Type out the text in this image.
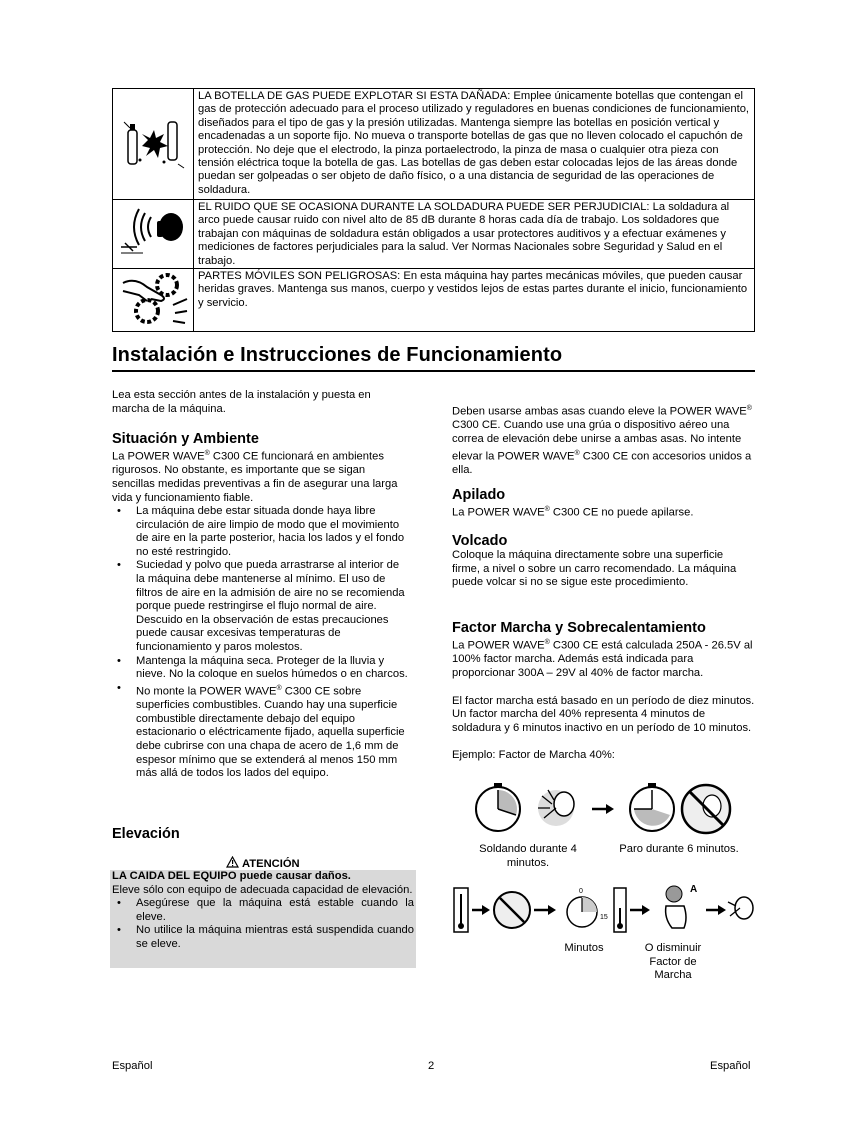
	LA BOTELLA DE GAS PUEDE EXPLOTAR SI ESTA DAÑADA: Emplee únicamente botellas que contengan el gas de protección adecuado para el proceso utilizado y reguladores en buenas condiciones de funcionamiento, diseñados para el tipo de gas y la presión utilizadas. Mantenga siempre las botellas en posición vertical y encadenadas a un soporte fijo. No mueva o transporte botellas de gas que no lleven colocado el capuchón de protección. No deje que el electrodo, la pinza portaelectrodo, la pinza de masa o cualquier otra pieza con tensión eléctrica toque la botella de gas. Las botellas de gas deben estar colocadas lejos de las áreas donde puedan ser golpeadas o ser objeto de daño físico, o a una distancia de seguridad de las operaciones de soldadura.
	EL RUIDO QUE SE OCASIONA DURANTE LA SOLDADURA PUEDE SER PERJUDICIAL: La soldadura al arco puede causar ruido con nivel alto de 85 dB durante 8 horas cada día de trabajo. Los soldadores que trabajan con máquinas de soldadura están obligados a usar protectores auditivos y a efectuar exámenes y mediciones de factores perjudiciales para la salud. Ver Normas Nacionales sobre Seguridad y Salud en el trabajo.
	PARTES MÓVILES SON PELIGROSAS: En esta máquina hay partes mecánicas móviles, que pueden causar heridas graves. Mantenga sus manos, cuerpo y vestidos lejos de estas partes durante el inicio, funcionamiento y servicio.
Instalación e Instrucciones de Funcionamiento
Lea esta sección antes de la instalación y puesta en marcha de la máquina.
Situación y Ambiente
La POWER WAVE® C300 CE funcionará en ambientes rigurosos. No obstante, es importante que se sigan sencillas medidas preventivas a fin de asegurar una larga vida y funcionamiento fiable.
• La máquina debe estar situada donde haya libre circulación de aire limpio de modo que el movimiento de aire en la parte posterior, hacia los lados y el fondo no esté restringido.
• Suciedad y polvo que pueda arrastrarse al interior de la máquina debe mantenerse al mínimo. El uso de filtros de aire en la admisión de aire no se recomienda porque puede restringirse el flujo normal de aire. Descuido en la observación de estas precauciones puede causar excesivas temperaturas de funcionamiento y paros molestos.
• Mantenga la máquina seca. Proteger de la lluvia y nieve. No la coloque en suelos húmedos o en charcos.
• No monte la POWER WAVE® C300 CE sobre superficies combustibles. Cuando hay una superficie combustible directamente debajo del equipo estacionario o eléctricamente fijado, aquella superficie debe cubrirse con una chapa de acero de 1,6 mm de espesor mínimo que se extenderá al menos 150 mm más allá de todos los lados del equipo.
Elevación
ATENCIÓN
LA CAIDA DEL EQUIPO puede causar daños.
Eleve sólo con equipo de adecuada capacidad de elevación.
• Asegúrese que la máquina está estable cuando la eleve.
• No utilice la máquina mientras está suspendida cuando se eleve.
Deben usarse ambas asas cuando eleve la POWER WAVE® C300 CE. Cuando use una grúa o dispositivo aéreo una correa de elevación debe unirse a ambas asas. No intente elevar la POWER WAVE® C300 CE con accesorios unidos a ella.
Apilado
La POWER WAVE® C300 CE no puede apilarse.
Volcado
Coloque la máquina directamente sobre una superficie firme, a nivel o sobre un carro recomendado. La máquina puede volcar si no se sigue este procedimiento.
Factor Marcha y Sobrecalentamiento
La POWER WAVE® C300 CE está calculada 250A - 26.5V al 100% factor marcha. Además está indicada para proporcionar 300A – 29V al 40% de factor marcha.
El factor marcha está basado en un período de diez minutos. Un factor marcha del 40% representa 4 minutos de soldadura y 6 minutos inactivo en un período de 10 minutos.
Ejemplo: Factor de Marcha 40%:
Soldando durante 4 minutos.
Paro durante 6 minutos.
0
15
A
Minutos	O disminuir Factor de Marcha
Español	2	Español
